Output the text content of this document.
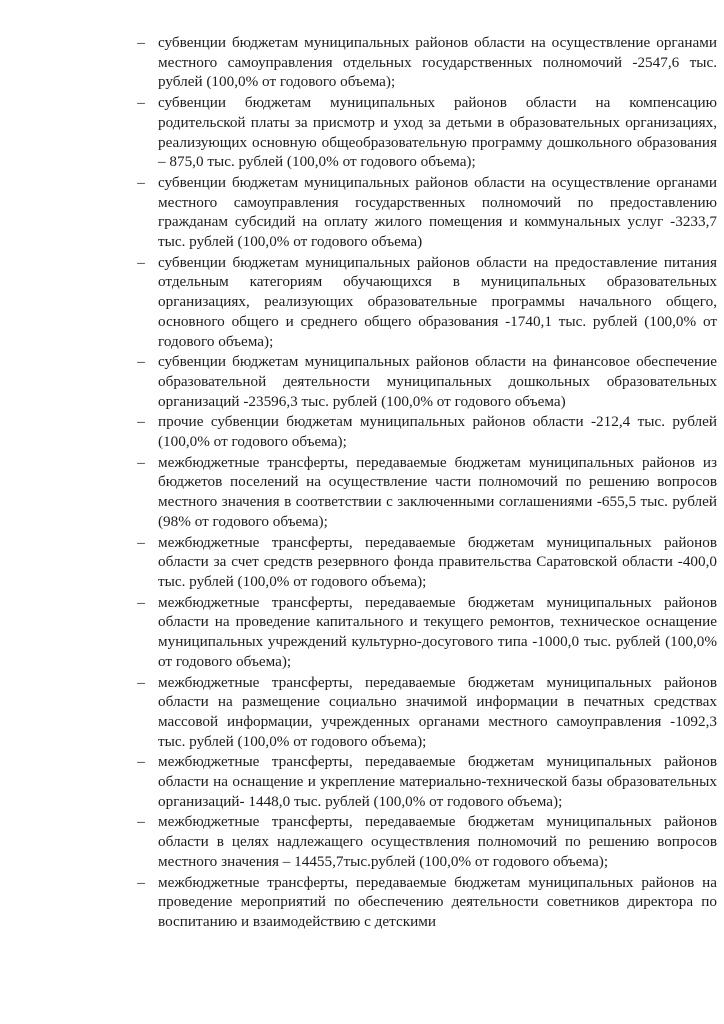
– субвенции бюджетам муниципальных районов области на осуществление органами местного самоуправления отдельных государственных полномочий -2547,6 тыс. рублей (100,0% от годового объема);
– субвенции бюджетам муниципальных районов области на компенсацию родительской платы за присмотр и уход за детьми в образовательных организациях, реализующих основную общеобразовательную программу дошкольного образования – 875,0 тыс. рублей (100,0% от годового объема);
– субвенции бюджетам муниципальных районов области на осуществление органами местного самоуправления государственных полномочий по предоставлению гражданам субсидий на оплату жилого помещения и коммунальных услуг -3233,7 тыс. рублей (100,0% от годового объема)
– субвенции бюджетам муниципальных районов области на предоставление питания отдельным категориям обучающихся в муниципальных образовательных организациях, реализующих образовательные программы начального общего, основного общего и среднего общего образования -1740,1 тыс. рублей (100,0% от годового объема);
– субвенции бюджетам муниципальных районов области на финансовое обеспечение образовательной деятельности муниципальных дошкольных образовательных организаций -23596,3 тыс. рублей (100,0% от годового объема)
– прочие субвенции бюджетам муниципальных районов области -212,4 тыс. рублей (100,0% от годового объема);
– межбюджетные трансферты, передаваемые бюджетам муниципальных районов из бюджетов поселений на осуществление части полномочий по решению вопросов местного значения в соответствии с заключенными соглашениями -655,5 тыс. рублей (98% от годового объема);
– межбюджетные трансферты, передаваемые бюджетам муниципальных районов области за счет средств резервного фонда правительства Саратовской области -400,0 тыс. рублей (100,0% от годового объема);
– межбюджетные трансферты, передаваемые бюджетам муниципальных районов области на проведение капитального и текущего ремонтов, техническое оснащение муниципальных учреждений культурно-досугового типа -1000,0 тыс. рублей (100,0% от годового объема);
– межбюджетные трансферты, передаваемые бюджетам муниципальных районов области на размещение социально значимой информации в печатных средствах массовой информации, учрежденных органами местного самоуправления -1092,3 тыс. рублей (100,0% от годового объема);
– межбюджетные трансферты, передаваемые бюджетам муниципальных районов области на оснащение и укрепление материально-технической базы образовательных организаций- 1448,0 тыс. рублей (100,0% от годового объема);
– межбюджетные трансферты, передаваемые бюджетам муниципальных районов области в целях надлежащего осуществления полномочий по решению вопросов местного значения – 14455,7тыс.рублей (100,0% от годового объема);
– межбюджетные трансферты, передаваемые бюджетам муниципальных районов на проведение мероприятий по обеспечению деятельности советников директора по воспитанию и взаимодействию с детскими
